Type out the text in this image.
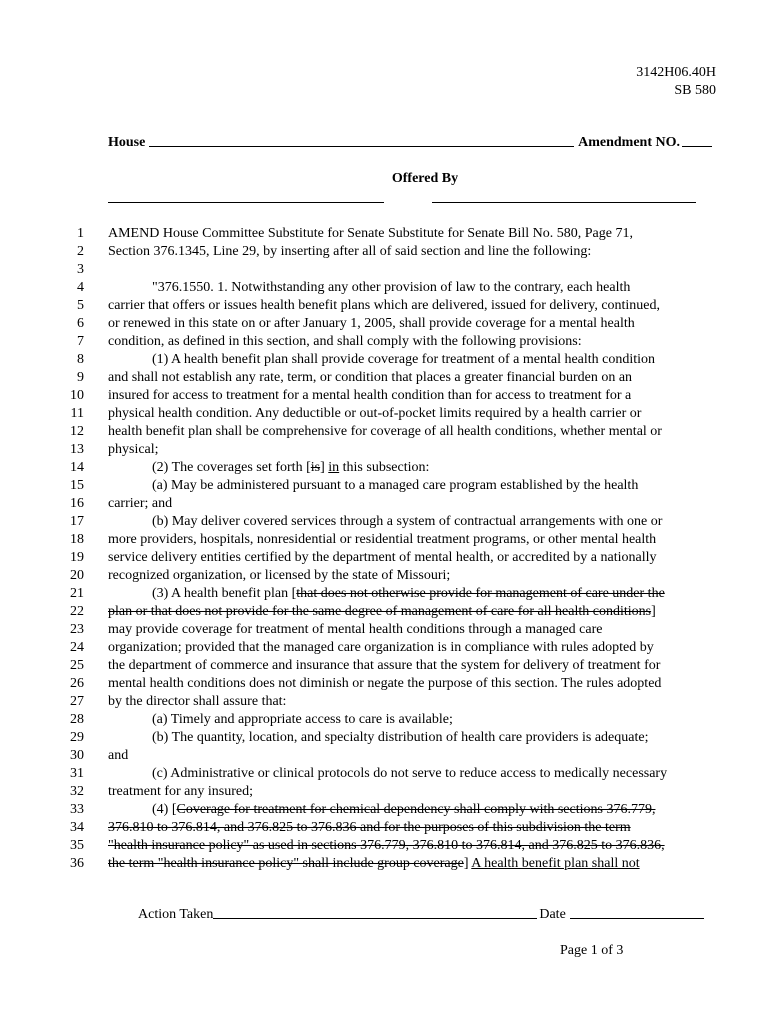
3142H06.40H
SB 580
House	Amendment NO.
Offered By
1 AMEND House Committee Substitute for Senate Substitute for Senate Bill No. 580, Page 71,
2 Section 376.1345, Line 29, by inserting after all of said section and line the following:
3
4	"376.1550. 1. Notwithstanding any other provision of law to the contrary, each health
5 carrier that offers or issues health benefit plans which are delivered, issued for delivery, continued,
6 or renewed in this state on or after January 1, 2005, shall provide coverage for a mental health
7 condition, as defined in this section, and shall comply with the following provisions:
8	(1) A health benefit plan shall provide coverage for treatment of a mental health condition
9 and shall not establish any rate, term, or condition that places a greater financial burden on an
10 insured for access to treatment for a mental health condition than for access to treatment for a
11 physical health condition. Any deductible or out-of-pocket limits required by a health carrier or
12 health benefit plan shall be comprehensive for coverage of all health conditions, whether mental or
13 physical;
14	(2) The coverages set forth [is] in this subsection:
15	(a) May be administered pursuant to a managed care program established by the health
16 carrier; and
17	(b) May deliver covered services through a system of contractual arrangements with one or
18 more providers, hospitals, nonresidential or residential treatment programs, or other mental health
19 service delivery entities certified by the department of mental health, or accredited by a nationally
20 recognized organization, or licensed by the state of Missouri;
21	(3) A health benefit plan [that does not otherwise provide for management of care under the
22 plan or that does not provide for the same degree of management of care for all health conditions]
23 may provide coverage for treatment of mental health conditions through a managed care
24 organization; provided that the managed care organization is in compliance with rules adopted by
25 the department of commerce and insurance that assure that the system for delivery of treatment for
26 mental health conditions does not diminish or negate the purpose of this section. The rules adopted
27 by the director shall assure that:
28	(a) Timely and appropriate access to care is available;
29	(b) The quantity, location, and specialty distribution of health care providers is adequate;
30 and
31	(c) Administrative or clinical protocols do not serve to reduce access to medically necessary
32 treatment for any insured;
33	(4) [Coverage for treatment for chemical dependency shall comply with sections 376.779,
34 376.810 to 376.814, and 376.825 to 376.836 and for the purposes of this subdivision the term
35 "health insurance policy" as used in sections 376.779, 376.810 to 376.814, and 376.825 to 376.836,
36 the term "health insurance policy" shall include group coverage] A health benefit plan shall not
Action Taken	Date
Page 1 of 3
